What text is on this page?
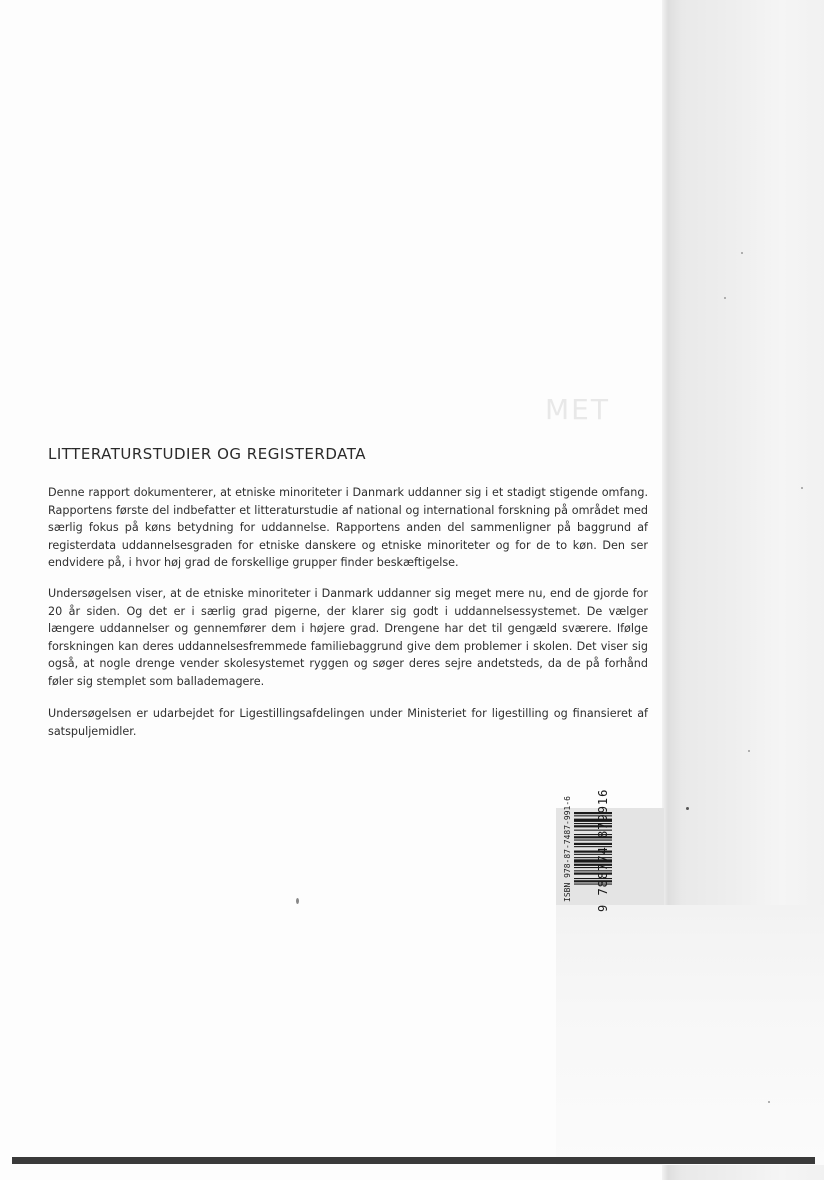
MET
LITTERATURSTUDIER OG REGISTERDATA

Denne rapport dokumenterer, at etniske minoriteter i Danmark uddanner sig i et stadigt stigende omfang. Rapportens første del indbefatter et litteraturstudie af national og international forskning på området med særlig fokus på køns betydning for uddannelse. Rapportens anden del sammenligner på baggrund af registerdata uddannelsesgraden for etniske danskere og etniske minoriteter og for de to køn. Den ser endvidere på, i hvor høj grad de forskellige grupper finder beskæftigelse.

Undersøgelsen viser, at de etniske minoriteter i Danmark uddanner sig meget mere nu, end de gjorde for 20 år siden. Og det er i særlig grad pigerne, der klarer sig godt i uddannelsessystemet. De vælger længere uddannelser og gennemfører dem i højere grad. Drengene har det til gengæld sværere. Ifølge forskningen kan deres uddannelsesfremmede familiebaggrund give dem problemer i skolen. Det viser sig også, at nogle drenge vender skolesystemet ryggen og søger deres sejre andetsteds, da de på forhånd føler sig stemplet som ballademagere.

Undersøgelsen er udarbejdet for Ligestillingsafdelingen under Ministeriet for ligestilling og finansieret af satspuljemidler.

ISBN 978-87-7487-991-6 9 788774 879916
